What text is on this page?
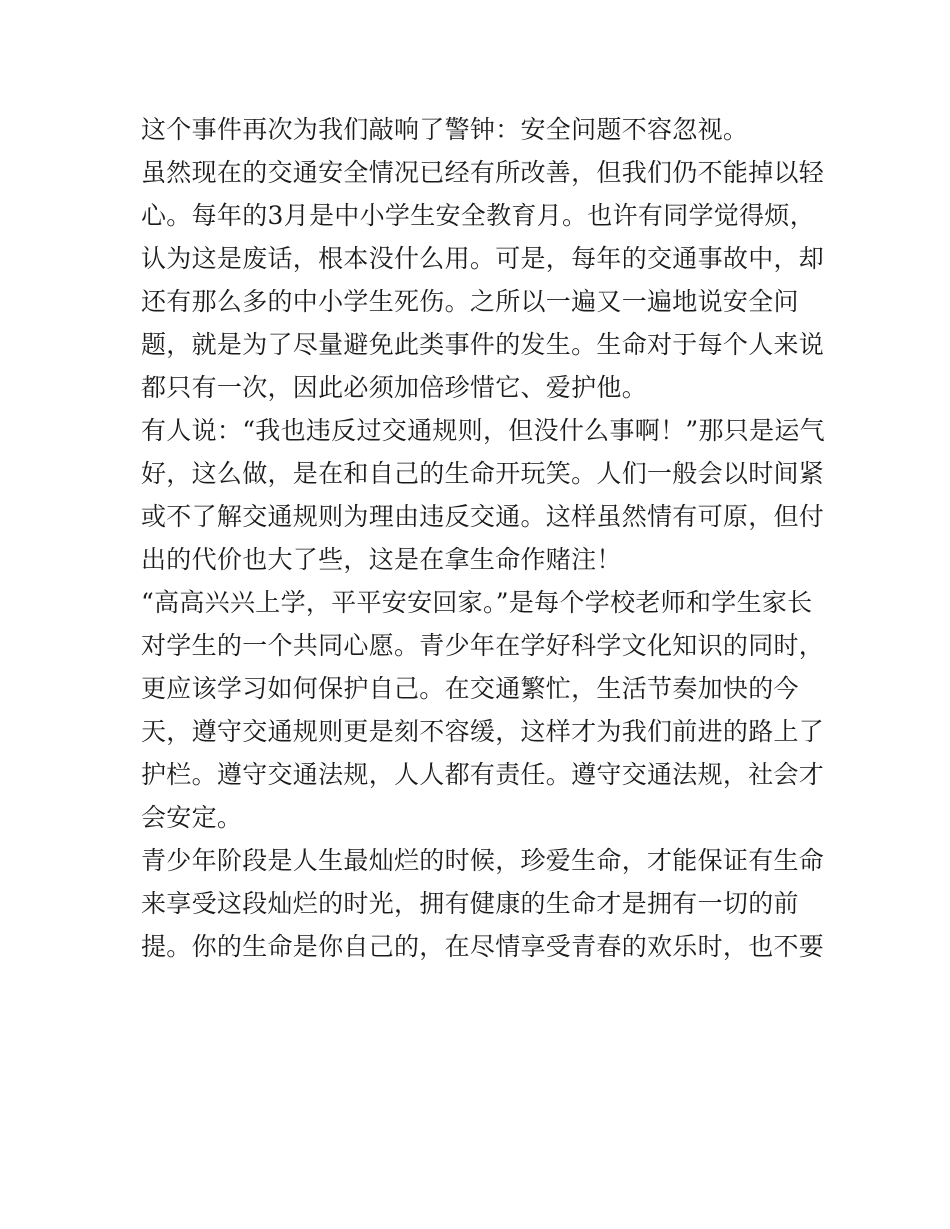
这个事件再次为我们敲响了警钟：安全问题不容忽视。
虽然现在的交通安全情况已经有所改善，但我们仍不能掉以轻
心。每年的3月是中小学生安全教育月。也许有同学觉得烦，
认为这是废话，根本没什么用。可是，每年的交通事故中，却
还有那么多的中小学生死伤。之所以一遍又一遍地说安全问
题，就是为了尽量避免此类事件的发生。生命对于每个人来说
都只有一次，因此必须加倍珍惜它、爱护他。
有人说：“我也违反过交通规则，但没什么事啊！”那只是运气
好，这么做，是在和自己的生命开玩笑。人们一般会以时间紧
或不了解交通规则为理由违反交通。这样虽然情有可原，但付
出的代价也大了些，这是在拿生命作赌注！
“高高兴兴上学，平平安安回家。”是每个学校老师和学生家长
对学生的一个共同心愿。青少年在学好科学文化知识的同时，
更应该学习如何保护自己。在交通繁忙，生活节奏加快的今
天，遵守交通规则更是刻不容缓，这样才为我们前进的路上了
护栏。遵守交通法规，人人都有责任。遵守交通法规，社会才
会安定。
青少年阶段是人生最灿烂的时候，珍爱生命，才能保证有生命
来享受这段灿烂的时光，拥有健康的生命才是拥有一切的前
提。你的生命是你自己的，在尽情享受青春的欢乐时，也不要
